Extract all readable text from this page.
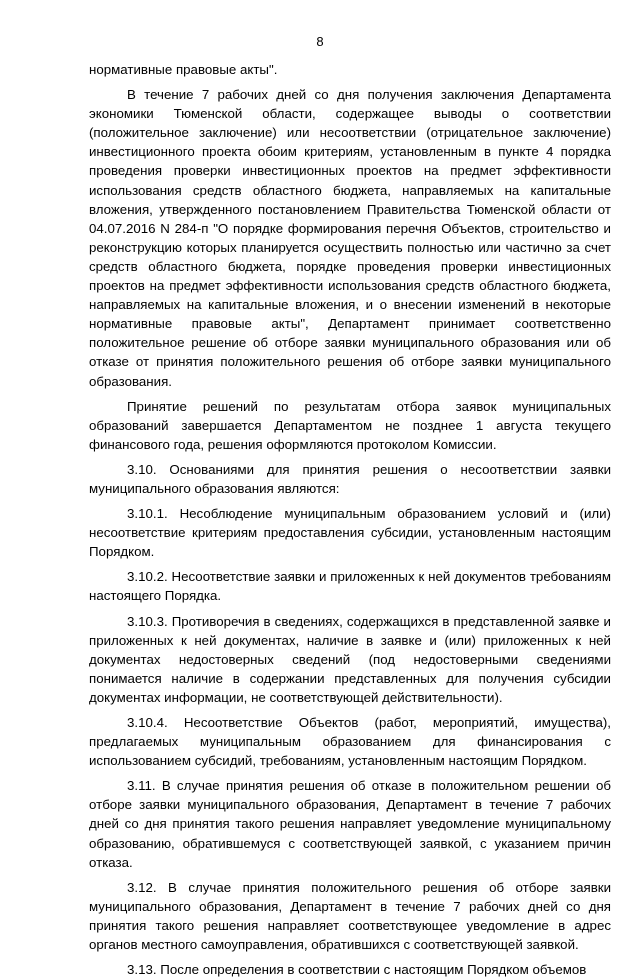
8

нормативные правовые акты".

В течение 7 рабочих дней со дня получения заключения Департамента экономики Тюменской области, содержащее выводы о соответствии (положительное заключение) или несоответствии (отрицательное заключение) инвестиционного проекта обоим критериям, установленным в пункте 4 порядка проведения проверки инвестиционных проектов на предмет эффективности использования средств областного бюджета, направляемых на капитальные вложения, утвержденного постановлением Правительства Тюменской области от 04.07.2016 N 284-п "О порядке формирования перечня Объектов, строительство и реконструкцию которых планируется осуществить полностью или частично за счет средств областного бюджета, порядке проведения проверки инвестиционных проектов на предмет эффективности использования средств областного бюджета, направляемых на капитальные вложения, и о внесении изменений в некоторые нормативные правовые акты", Департамент принимает соответственно положительное решение об отборе заявки муниципального образования или об отказе от принятия положительного решения об отборе заявки муниципального образования.

Принятие решений по результатам отбора заявок муниципальных образований завершается Департаментом не позднее 1 августа текущего финансового года, решения оформляются протоколом Комиссии.

3.10. Основаниями для принятия решения о несоответствии заявки муниципального образования являются:

3.10.1. Несоблюдение муниципальным образованием условий и (или) несоответствие критериям предоставления субсидии, установленным настоящим Порядком.

3.10.2. Несоответствие заявки и приложенных к ней документов требованиям настоящего Порядка.

3.10.3. Противоречия в сведениях, содержащихся в представленной заявке и приложенных к ней документах, наличие в заявке и (или) приложенных к ней документах недостоверных сведений (под недостоверными сведениями понимается наличие в содержании представленных для получения субсидии документах информации, не соответствующей действительности).

3.10.4. Несоответствие Объектов (работ, мероприятий, имущества), предлагаемых муниципальным образованием для финансирования с использованием субсидий, требованиям, установленным настоящим Порядком.

3.11. В случае принятия решения об отказе в положительном решении об отборе заявки муниципального образования, Департамент в течение 7 рабочих дней со дня принятия такого решения направляет уведомление муниципальному образованию, обратившемуся с соответствующей заявкой, с указанием причин отказа.

3.12. В случае принятия положительного решения об отборе заявки муниципального образования, Департамент в течение 7 рабочих дней со дня принятия такого решения направляет соответствующее уведомление в адрес органов местного самоуправления, обратившихся с соответствующей заявкой.

3.13. После определения в соответствии с настоящим Порядком объемов
